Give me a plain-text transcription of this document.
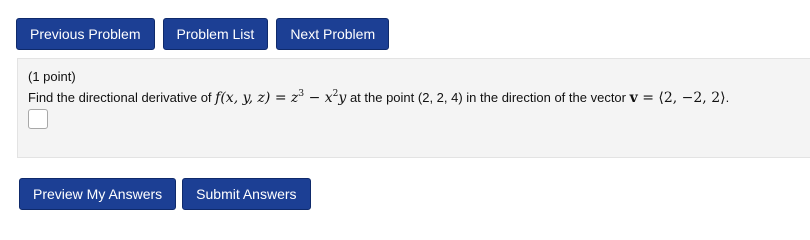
Previous Problem	Problem List	Next Problem
(1 point)
Find the directional derivative of f(x, y, $z) = z^3 - x^2y$ at the point (2, 2, 4) in the direction of the vector v = ⟨2, −2, 2⟩.
Preview My Answers	Submit Answers
